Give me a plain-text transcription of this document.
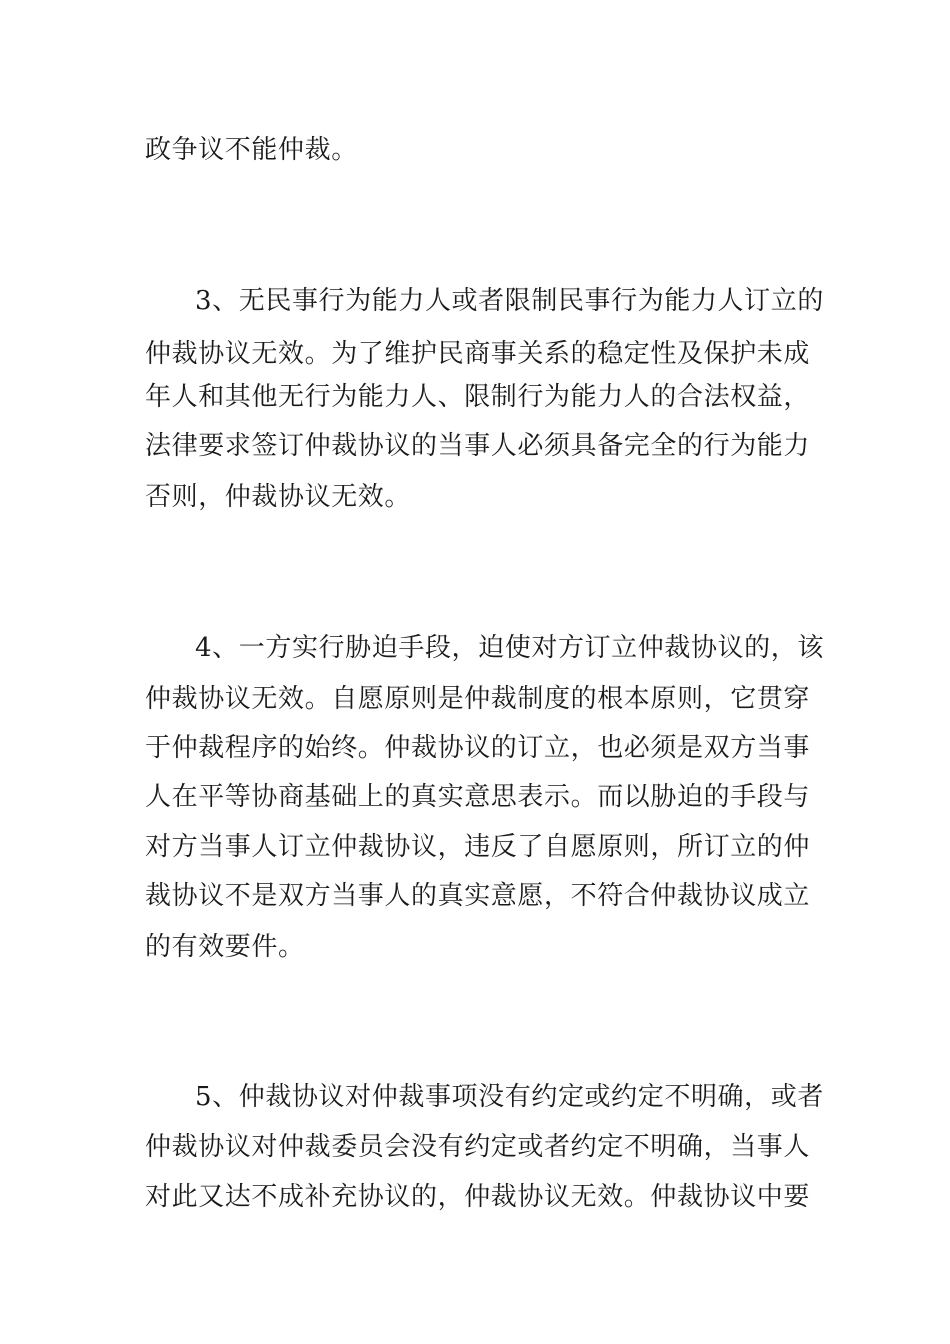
政争议不能仲裁。
3、无民事行为能力人或者限制民事行为能力人订立的
仲裁协议无效。为了维护民商事关系的稳定性及保护未成
年人和其他无行为能力人、限制行为能力人的合法权益，
法律要求签订仲裁协议的当事人必须具备完全的行为能力
否则，仲裁协议无效。
4、一方实行胁迫手段，迫使对方订立仲裁协议的，该
仲裁协议无效。自愿原则是仲裁制度的根本原则，它贯穿
于仲裁程序的始终。仲裁协议的订立，也必须是双方当事
人在平等协商基础上的真实意思表示。而以胁迫的手段与
对方当事人订立仲裁协议，违反了自愿原则，所订立的仲
裁协议不是双方当事人的真实意愿，不符合仲裁协议成立
的有效要件。
5、仲裁协议对仲裁事项没有约定或约定不明确，或者
仲裁协议对仲裁委员会没有约定或者约定不明确，当事人
对此又达不成补充协议的，仲裁协议无效。仲裁协议中要
